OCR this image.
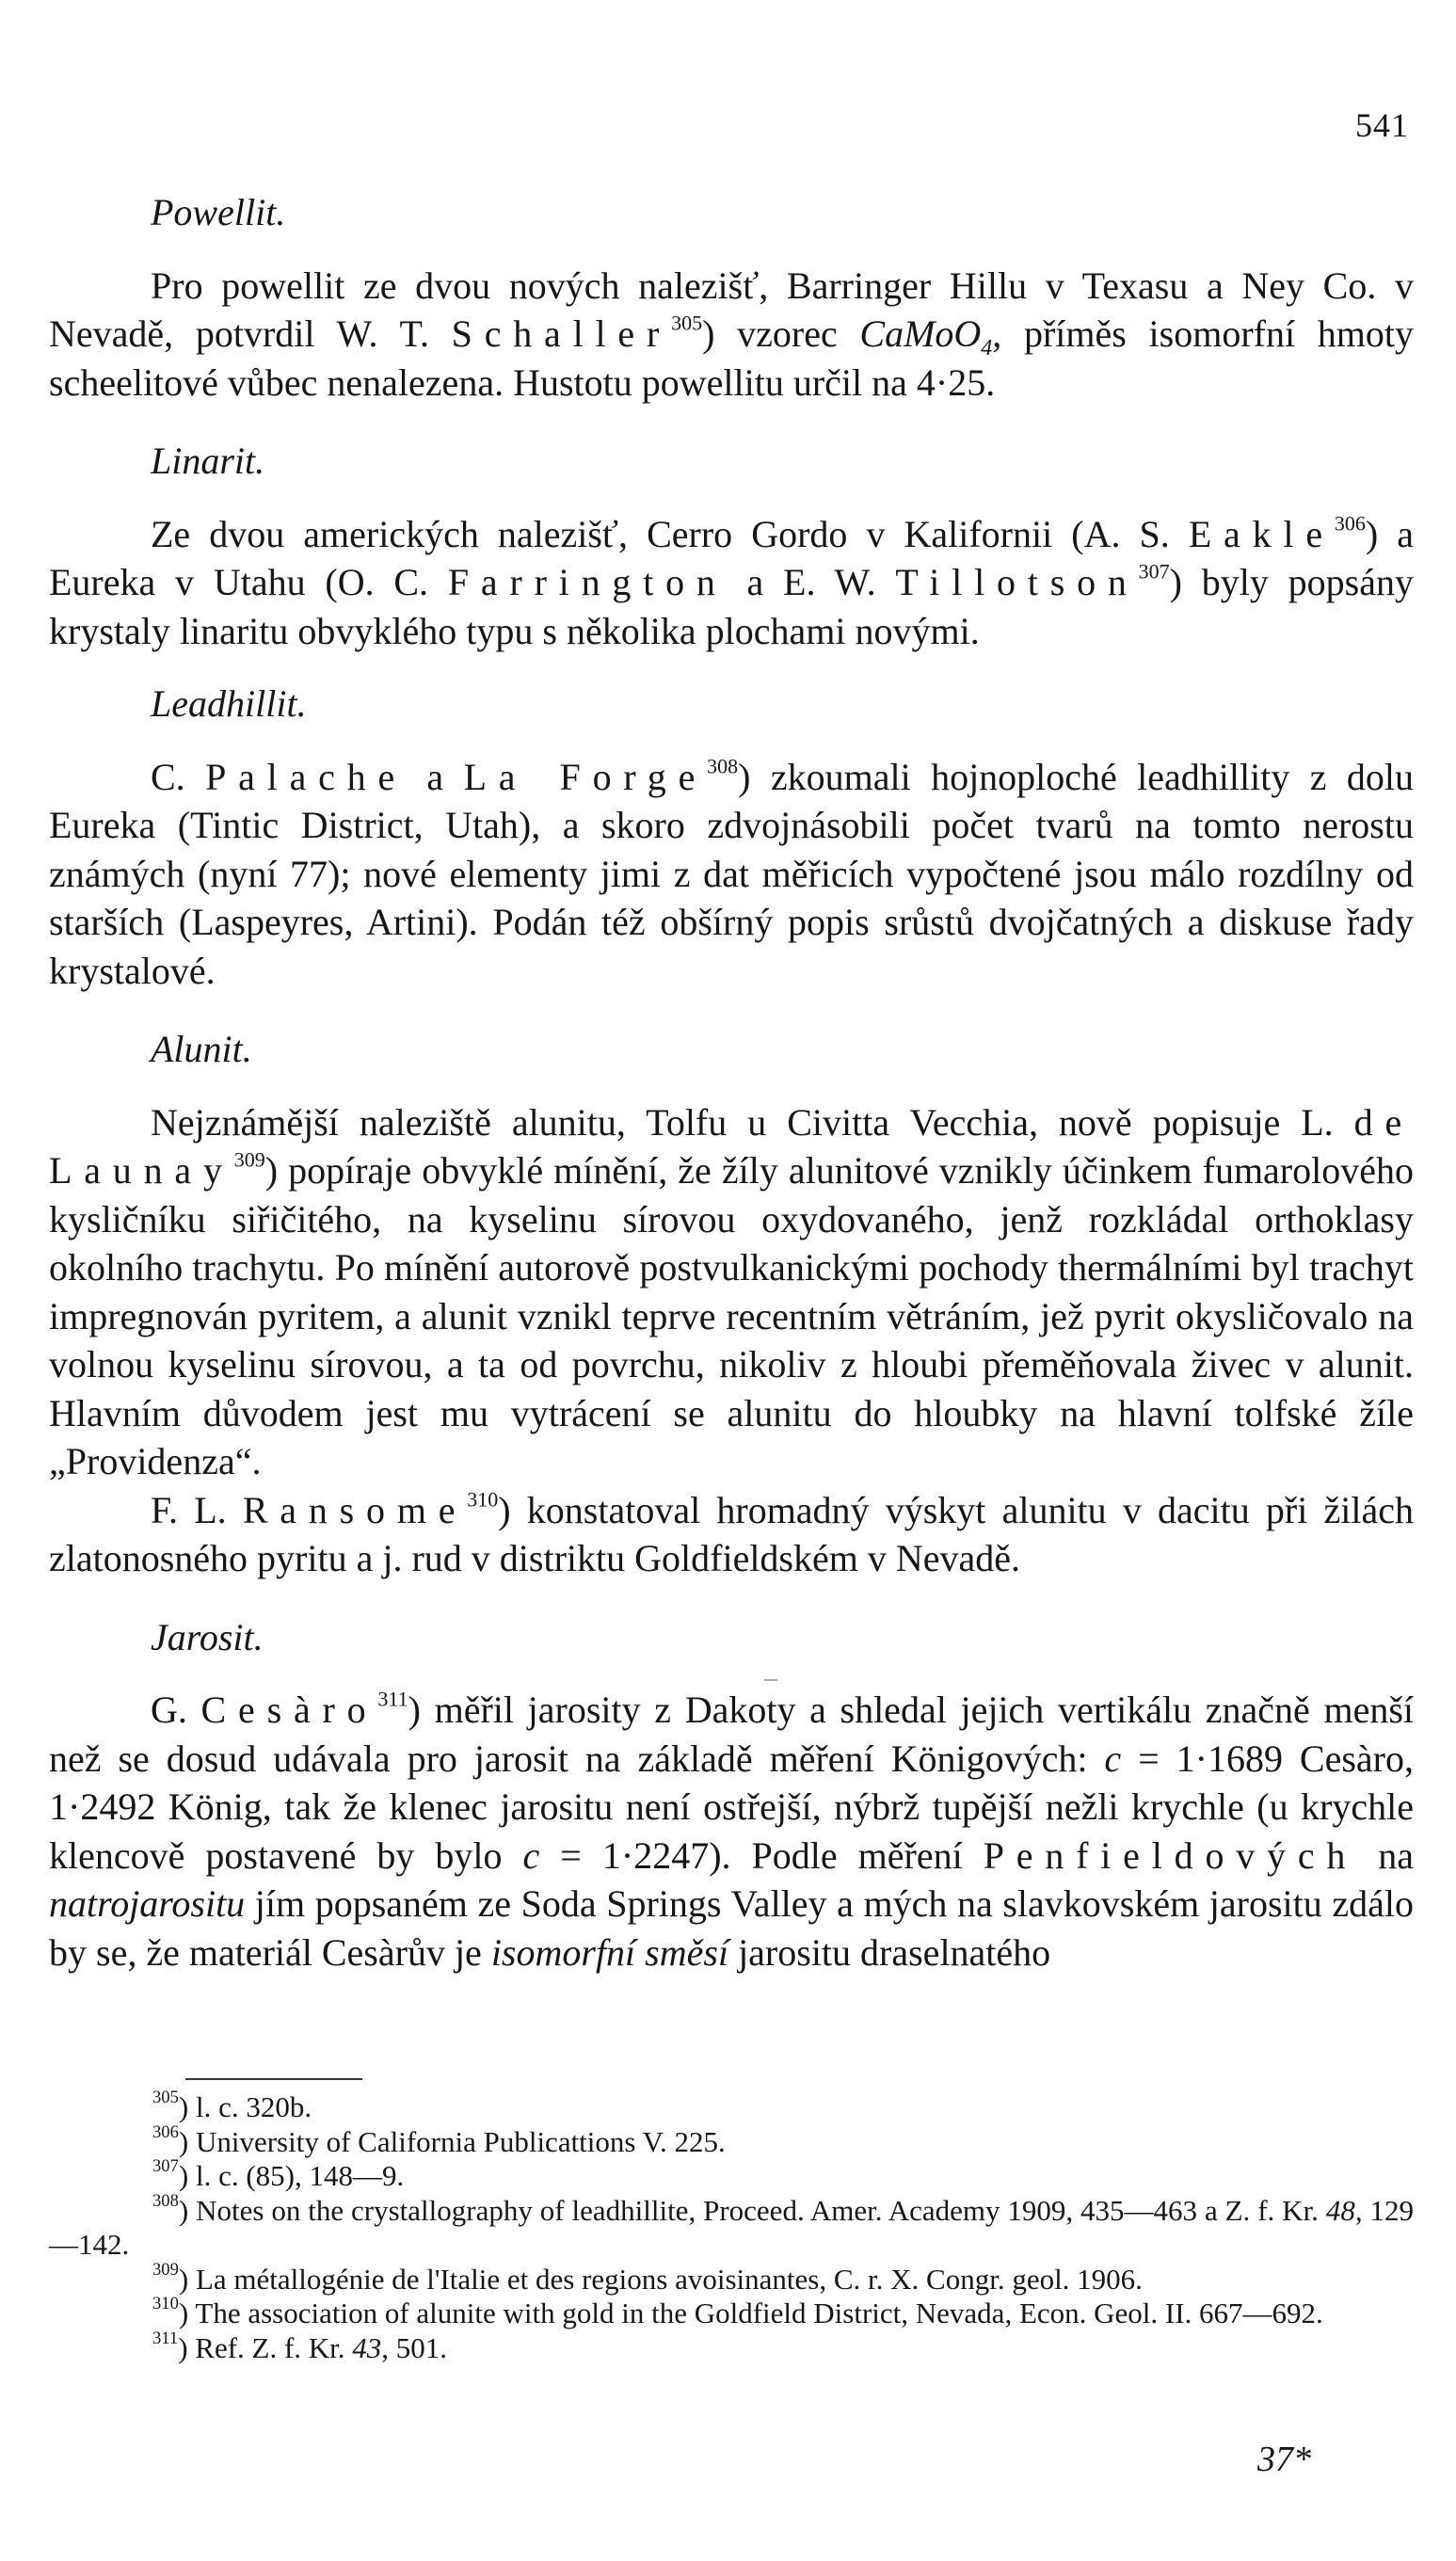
541

Powellit.

Pro powellit ze dvou nových nalezišť, Barringer Hillu v Texasu a Ney Co. v Nevadě, potvrdil W. T. Schaller$^{305}$) vzorec CaMoO$_4$, příměs isomorfní hmoty scheelitové vůbec nenalezena. Hustotu powellitu určil na 4·25.

Linarit.

Ze dvou amerických nalezišť, Cerro Gordo v Kalifornii (A. S. Eakle$^{306}$) a Eureka v Utahu (O. C. Farrington a E. W. Tillotson$^{307}$) byly popsány krystaly linaritu obvyklého typu s několika plochami novými.

Leadhillit.

C. Palache a La Forge$^{308}$) zkoumali hojnoploché leadhillity z dolu Eureka (Tintic District, Utah), a skoro zdvojnásobili počet tvarů na tomto nerostu známých (nyní 77); nové elementy jimi z dat měřicích vypočtené jsou málo rozdílny od starších (Laspeyres, Artini). Podán též obšírný popis srůstů dvojčatných a diskuse řady krystalové.

Alunit.

Nejznámější naleziště alunitu, Tolfu u Civitta Vecchia, nově popisuje L. de Launay$^{309}$) popíraje obvyklé mínění, že žíly alunitové vznikly účinkem fumarolového kysličníku siřičitého, na kyselinu sírovou oxydovaného, jenž rozkládal orthoklasy okolního trachytu. Po mínění autorově postvulkanickými pochody thermálními byl trachyt impregnován pyritem, a alunit vznikl teprve recentním větráním, jež pyrit okysličovalo na volnou kyselinu sírovou, a ta od povrchu, nikoliv z hloubi přeměňovala živec v alunit. Hlavním důvodem jest mu vytrácení se alunitu do hloubky na hlavní tolfské žíle „Providenza“.

F. L. Ransome$^{310}$) konstatoval hromadný výskyt alunitu v dacitu při žilách zlatonosného pyritu a j. rud v distriktu Goldfieldském v Nevadě.

Jarosit.

G. Cesàro$^{311}$) měřil jarosity z Dakoty a shledal jejich vertikálu značně menší než se dosud udávala pro jarosit na základě měření Königových: c = 1·1689 Cesàro, 1·2492 König, tak že klenec jarositu není ostřejší, nýbrž tupější nežli krychle (u krychle klencově postavené by bylo c = 1·2247). Podle měření Penfieldových na natrojarositu jím popsaném ze Soda Springs Valley a mých na slavkovském jarositu zdálo by se, že materiál Cesàrův je isomorfní směsí jarositu draselnatého

$^{305}$) l. c. 320b.

$^{306}$) University of California Publicattions V. 225.

$^{307}$) l. c. (85), 148—9.

$^{308}$) Notes on the crystallography of leadhillite, Proceed. Amer. Academy 1909, 435—463 a Z. f. Kr. 48, 129—142.

$^{309}$) La métallogénie de l'Italie et des regions avoisinantes, C. r. X. Congr. geol. 1906.

$^{310}$) The association of alunite with gold in the Goldfield District, Nevada, Econ. Geol. II. 667—692.

$^{311}$) Ref. Z. f. Kr. 43, 501.

37*
